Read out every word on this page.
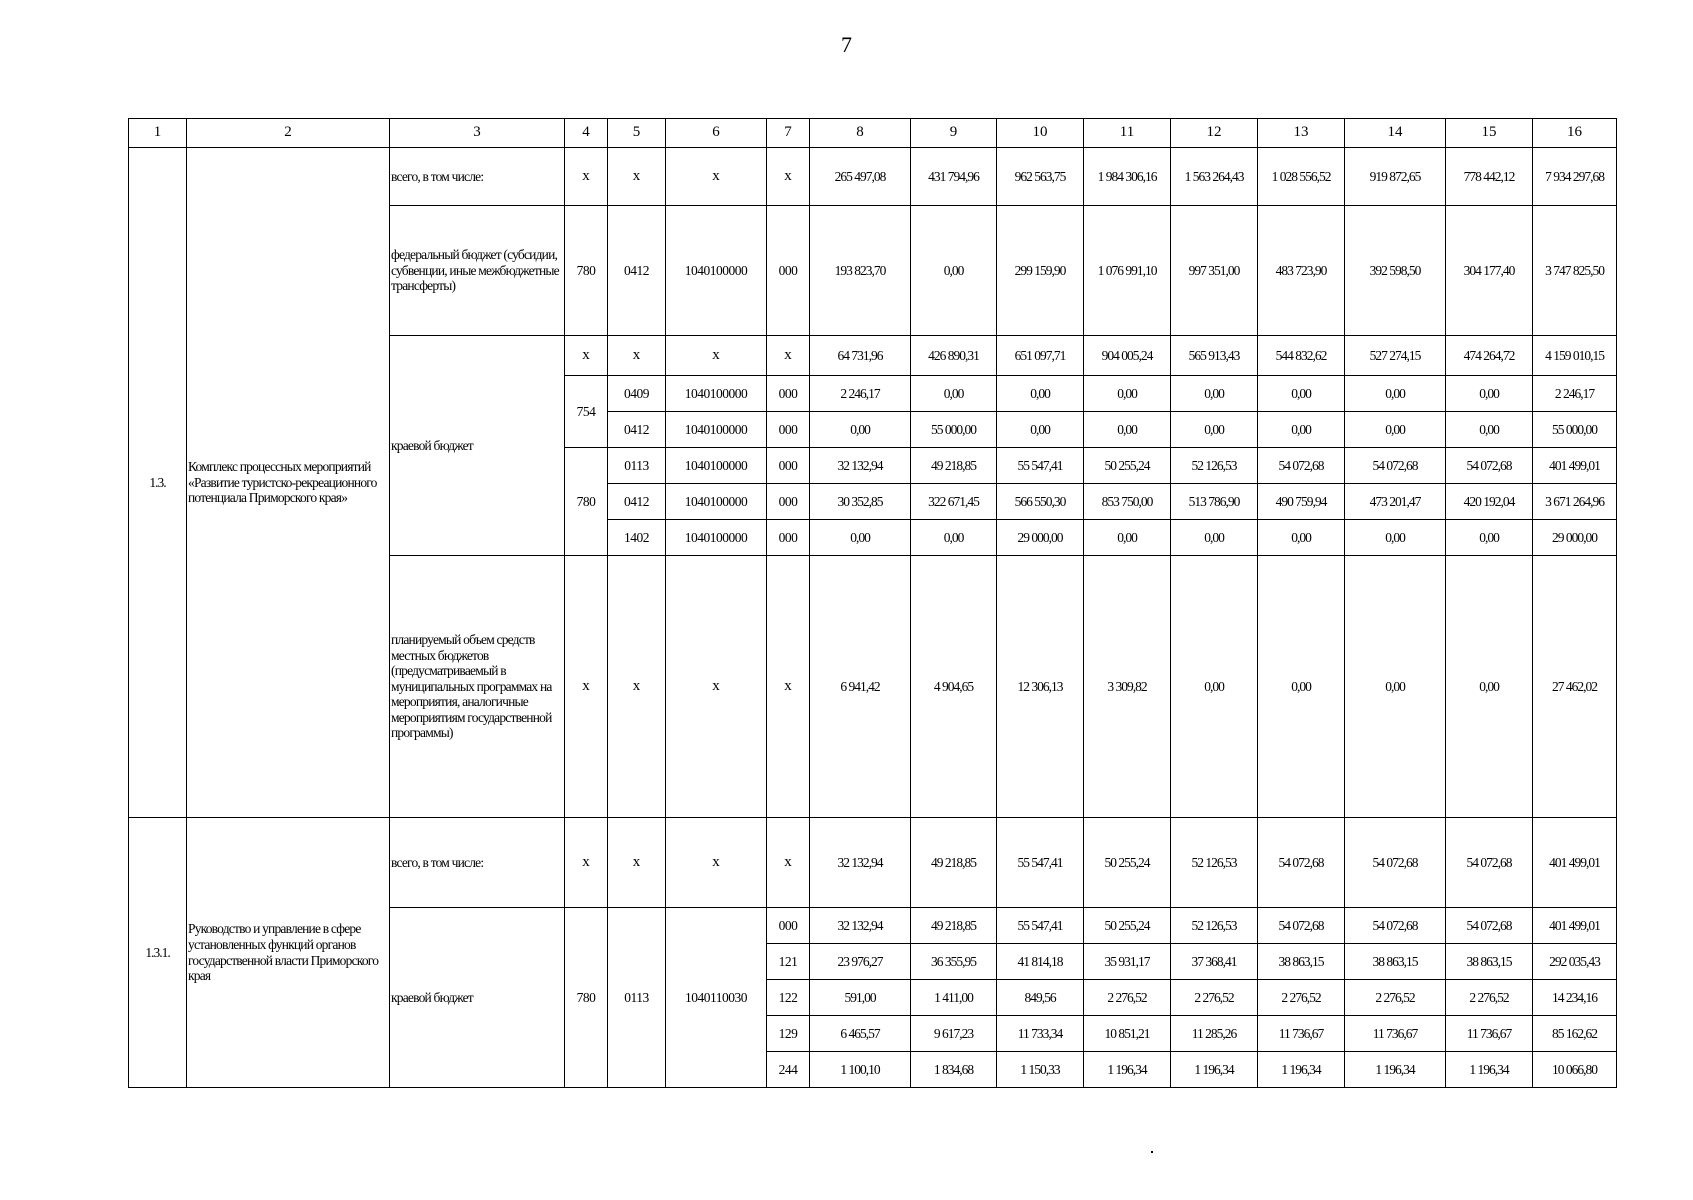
7
1	2	3	4	5	6	7	8	9	10	11	12	13	14	15	16
1.3.	Комплекс процессных мероприятий «Развитие туристско-рекреационного потенциала Приморского края»	всего, в том числе:	x	x	x	x	265 497,08	431 794,96	962 563,75	1 984 306,16	1 563 264,43	1 028 556,52	919 872,65	778 442,12	7 934 297,68
		федеральный бюджет (субсидии, субвенции, иные межбюджетные трансферты)	780	0412	1040100000	000	193 823,70	0,00	299 159,90	1 076 991,10	997 351,00	483 723,90	392 598,50	304 177,40	3 747 825,50
		краевой бюджет	x	x	x	x	64 731,96	426 890,31	651 097,71	904 005,24	565 913,43	544 832,62	527 274,15	474 264,72	4 159 010,15
			754	0409	1040100000	000	2 246,17	0,00	0,00	0,00	0,00	0,00	0,00	0,00	2 246,17
				0412	1040100000	000	0,00	55 000,00	0,00	0,00	0,00	0,00	0,00	0,00	55 000,00
			780	0113	1040100000	000	32 132,94	49 218,85	55 547,41	50 255,24	52 126,53	54 072,68	54 072,68	54 072,68	401 499,01
				0412	1040100000	000	30 352,85	322 671,45	566 550,30	853 750,00	513 786,90	490 759,94	473 201,47	420 192,04	3 671 264,96
				1402	1040100000	000	0,00	0,00	29 000,00	0,00	0,00	0,00	0,00	0,00	29 000,00
		планируемый объем средств местных бюджетов (предусматриваемый в муниципальных программах на мероприятия, аналогичные мероприятиям государственной программы)	x	x	x	x	6 941,42	4 904,65	12 306,13	3 309,82	0,00	0,00	0,00	0,00	27 462,02
1.3.1.	Руководство и управление в сфере установленных функций органов государственной власти Приморского края	всего, в том числе:	x	x	x	x	32 132,94	49 218,85	55 547,41	50 255,24	52 126,53	54 072,68	54 072,68	54 072,68	401 499,01
		краевой бюджет	780	0113	1040110030	000	32 132,94	49 218,85	55 547,41	50 255,24	52 126,53	54 072,68	54 072,68	54 072,68	401 499,01
						121	23 976,27	36 355,95	41 814,18	35 931,17	37 368,41	38 863,15	38 863,15	38 863,15	292 035,43
						122	591,00	1 411,00	849,56	2 276,52	2 276,52	2 276,52	2 276,52	2 276,52	14 234,16
						129	6 465,57	9 617,23	11 733,34	10 851,21	11 285,26	11 736,67	11 736,67	11 736,67	85 162,62
						244	1 100,10	1 834,68	1 150,33	1 196,34	1 196,34	1 196,34	1 196,34	1 196,34	10 066,80
